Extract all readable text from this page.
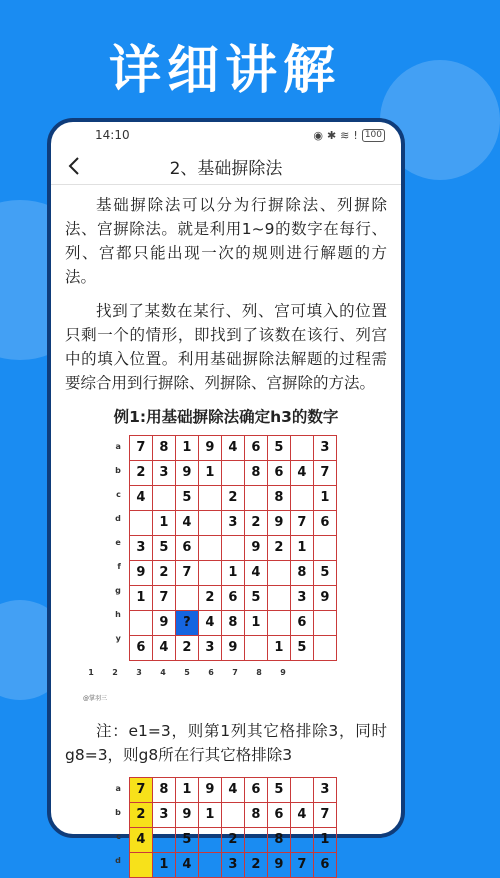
详细讲解
14:10	◉ ✱ ≋ ! 100
2、基础摒除法

基础摒除法可以分为行摒除法、列摒除法、宫摒除法。就是利用1~9的数字在每行、列、宫都只能出现一次的规则进行解题的方法。

找到了某数在某行、列、宫可填入的位置只剩一个的情形，即找到了该数在该行、列宫中的填入位置。利用基础摒除法解题的过程需要综合用到行摒除、列摒除、宫摒除的方法。

例1:用基础摒除法确定h3的数字
a
b
c
d
e
f
g
h
y
7	8	1	9	4	6	5		3
2	3	9	1		8	6	4	7
4		5		2		8		1
	1	4		3	2	9	7	6
3	5	6			9	2	1	
9	2	7		1	4		8	5
1	7		2	6	5		3	9
	9	?	4	8	1		6	
6	4	2	3	9		1	5	
1	2	3	4	5	6	7	8	9
@掌羽三

注：e1=3，则第1列其它格排除3，同时g8=3，则g8所在行其它格排除3

a
b
c
d
7	8	1	9	4	6	5		3
2	3	9	1		8	6	4	7
4		5		2		8		1
	1	4		3	2	9	7	6
